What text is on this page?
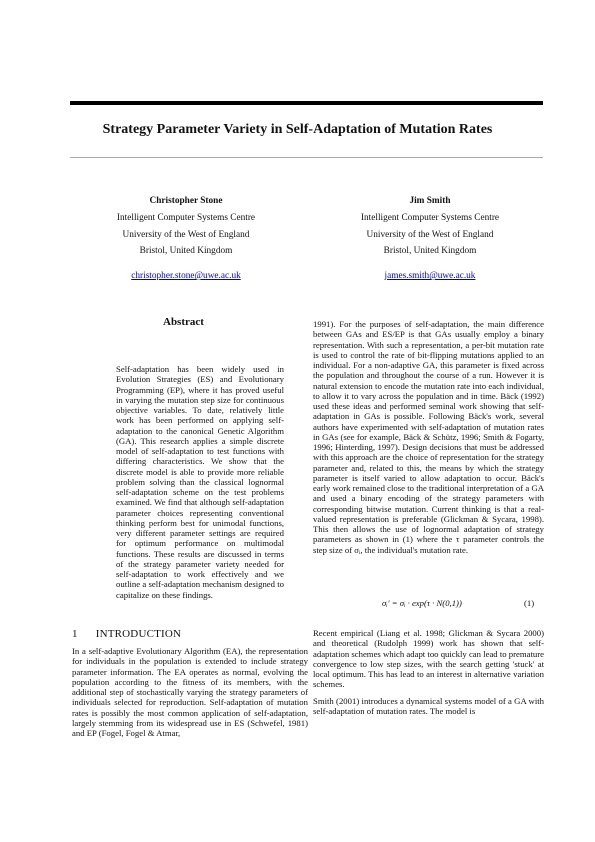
Strategy Parameter Variety in Self-Adaptation of Mutation Rates
Christopher Stone
Intelligent Computer Systems Centre
University of the West of England
Bristol, United Kingdom
christopher.stone@uwe.ac.uk
Jim Smith
Intelligent Computer Systems Centre
University of the West of England
Bristol, United Kingdom
james.smith@uwe.ac.uk
Abstract

Self-adaptation has been widely used in Evolution Strategies (ES) and Evolutionary Programming (EP), where it has proved useful in varying the mutation step size for continuous objective variables. To date, relatively little work has been performed on applying self-adaptation to the canonical Genetic Algorithm (GA). This research applies a simple discrete model of self-adaptation to test functions with differing characteristics. We show that the discrete model is able to provide more reliable problem solving than the classical lognormal self-adaptation scheme on the test problems examined. We find that although self-adaptation parameter choices representing conventional thinking perform best for unimodal functions, very different parameter settings are required for optimum performance on multimodal functions. These results are discussed in terms of the strategy parameter variety needed for self-adaptation to work effectively and we outline a self-adaptation mechanism designed to capitalize on these findings.

1 INTRODUCTION

In a self-adaptive Evolutionary Algorithm (EA), the representation for individuals in the population is extended to include strategy parameter information. The EA operates as normal, evolving the population according to the fitness of its members, with the additional step of stochastically varying the strategy parameters of individuals selected for reproduction. Self-adaptation of mutation rates is possibly the most common application of self-adaptation, largely stemming from its widespread use in ES (Schwefel, 1981) and EP (Fogel, Fogel & Atmar,

1991). For the purposes of self-adaptation, the main difference between GAs and ES/EP is that GAs usually employ a binary representation. With such a representation, a per-bit mutation rate is used to control the rate of bit-flipping mutations applied to an individual. For a non-adaptive GA, this parameter is fixed across the population and throughout the course of a run. However it is natural extension to encode the mutation rate into each individual, to allow it to vary across the population and in time. Bäck (1992) used these ideas and performed seminal work showing that self-adaptation in GAs is possible. Following Bäck's work, several authors have experimented with self-adaptation of mutation rates in GAs (see for example, Bäck & Schütz, 1996; Smith & Fogarty, 1996; Hinterding, 1997). Design decisions that must be addressed with this approach are the choice of representation for the strategy parameter and, related to this, the means by which the strategy parameter is itself varied to allow adaptation to occur. Bäck's early work remained close to the traditional interpretation of a GA and used a binary encoding of the strategy parameters with corresponding bitwise mutation. Current thinking is that a real-valued representation is preferable (Glickman & Sycara, 1998). This then allows the use of lognormal adaptation of strategy parameters as shown in (1) where the τ parameter controls the step size of σᵢ, the individual's mutation rate.

σᵢ′ = σᵢ · exp(τ · N(0,1))	(1)

Recent empirical (Liang et al. 1998; Glickman & Sycara 2000) and theoretical (Rudolph 1999) work has shown that self-adaptation schemes which adapt too quickly can lead to premature convergence to low step sizes, with the search getting 'stuck' at local optimum. This has lead to an interest in alternative variation schemes.

Smith (2001) introduces a dynamical systems model of a GA with self-adaptation of mutation rates. The model is
